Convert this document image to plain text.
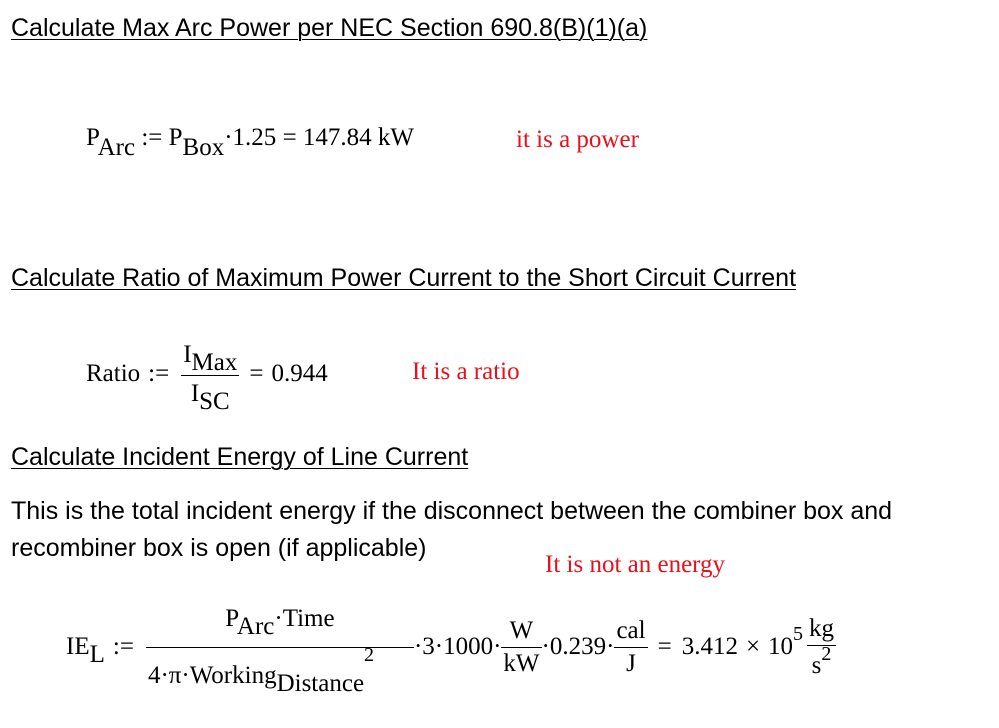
Calculate Max Arc Power per NEC Section 690.8(B)(1)(a)
PArc := PBox·1.25 = 147.84 kW	it is a power
Calculate Ratio of Maximum Power Current to the Short Circuit Current
Ratio := $\frac{\text{IMax}}{\text{ISC}} = 0.944$	It is a ratio
Calculate Incident Energy of Line Current
This is the total incident energy if the disconnect between the combiner box and
recombiner box is open (if applicable)
It is not an energy
IE L := $\frac{\text{PArc·Time}}{4\cdot\pi\cdot WorkingDistance^2} \cdot 3\cdot 1000\cdot \frac{W}{kW} \cdot 0.239\cdot \frac{\text{cal}}{J} = 3.412 \times 10$ $5 \frac{kg}{s^2}$
